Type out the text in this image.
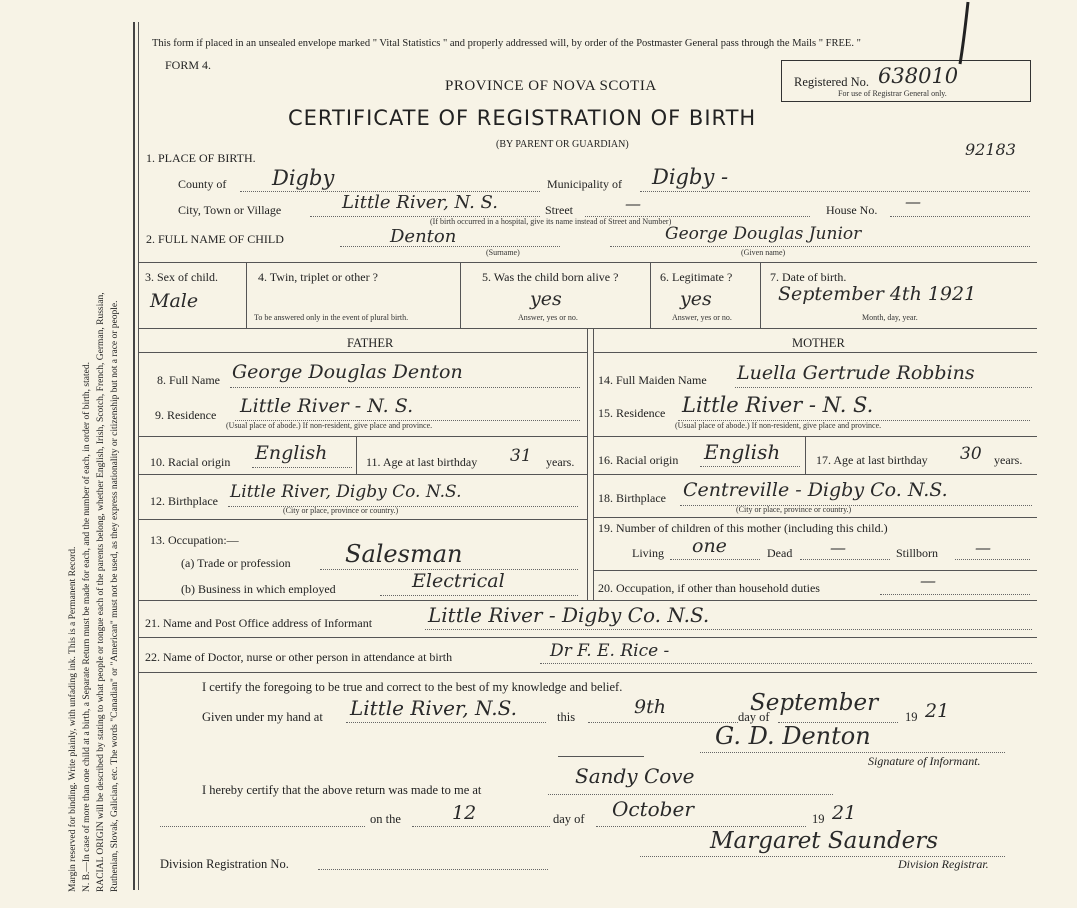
Margin reserved for binding. Write plainly, with unfading ink. This is a Permanent Record. N. B.—In case of more than one child at a birth, a Separate Return must be made for each, and the number of each, in order of birth, stated. RACIAL ORIGIN will be described by stating to what people or tongue each of the parents belong, whether English, Irish, Scotch, French, German, Russian, Ruthenian, Slovak, Galician, etc. The words "Canadian" or "American" must not be used, as they express nationality or citizenship but not a race or people.
This form if placed in an unsealed envelope marked " Vital Statistics " and properly addressed will, by order of the Postmaster General pass through the Mails " FREE. "
FORM 4.
PROVINCE OF NOVA SCOTIA
CERTIFICATE OF REGISTRATION OF BIRTH
(BY PARENT OR GUARDIAN)
Registered No. 638010
For use of Registrar General only.
92183
1. PLACE OF BIRTH.
County of Digby	Municipality of Digby -
City, Town or Village	Little River, N. S.	Street	—	House No. —
(If birth occurred in a hospital, give its name instead of Street and Number)
2. FULL NAME OF CHILD	Denton
(Surname)
George Douglas Junior
(Given name)
3. Sex of child.
Male
4. Twin, triplet or other ?
To be answered only in the event of plural birth.
5. Was the child born alive ?
yes
Answer, yes or no.
6. Legitimate ?
yes
Answer, yes or no.
7. Date of birth.
September 4th 1921
Month, day, year.
FATHER	MOTHER
8. Full Name George Douglas Denton
9. Residence Little River - N. S.
(Usual place of abode.) If non-resident, give place and province.
10. Racial origin English	11. Age at last birthday 31 years.
12. Birthplace Little River, Digby Co. N.S.
(City or place, province or country.)
13. Occupation:—
(a) Trade or profession Salesman
(b) Business in which employed	Electrical
14. Full Maiden Name Luella Gertrude Robbins
15. Residence Little River - N. S.
(Usual place of abode.) If non-resident, give place and province.
16. Racial origin English	17. Age at last birthday 30 years.
18. Birthplace Centreville - Digby Co. N.S.
(City or place, province or country.)
19. Number of children of this mother (including this child.)
Living one	Dead —	Stillborn —
20. Occupation, if other than household duties	—
21. Name and Post Office address of Informant	Little River - Digby Co. N.S.
22. Name of Doctor, nurse or other person in attendance at birth	Dr F. E. Rice -
I certify the foregoing to be true and correct to the best of my knowledge and belief.
Given under my hand at Little River, N.S.	this	9th	day of
September
19 21
G. D. Denton
Signature of Informant.
I hereby certify that the above return was made to me at
Sandy Cove
on the	12	day of October	19 21
Margaret Saunders
Division Registration No.	Division Registrar.
